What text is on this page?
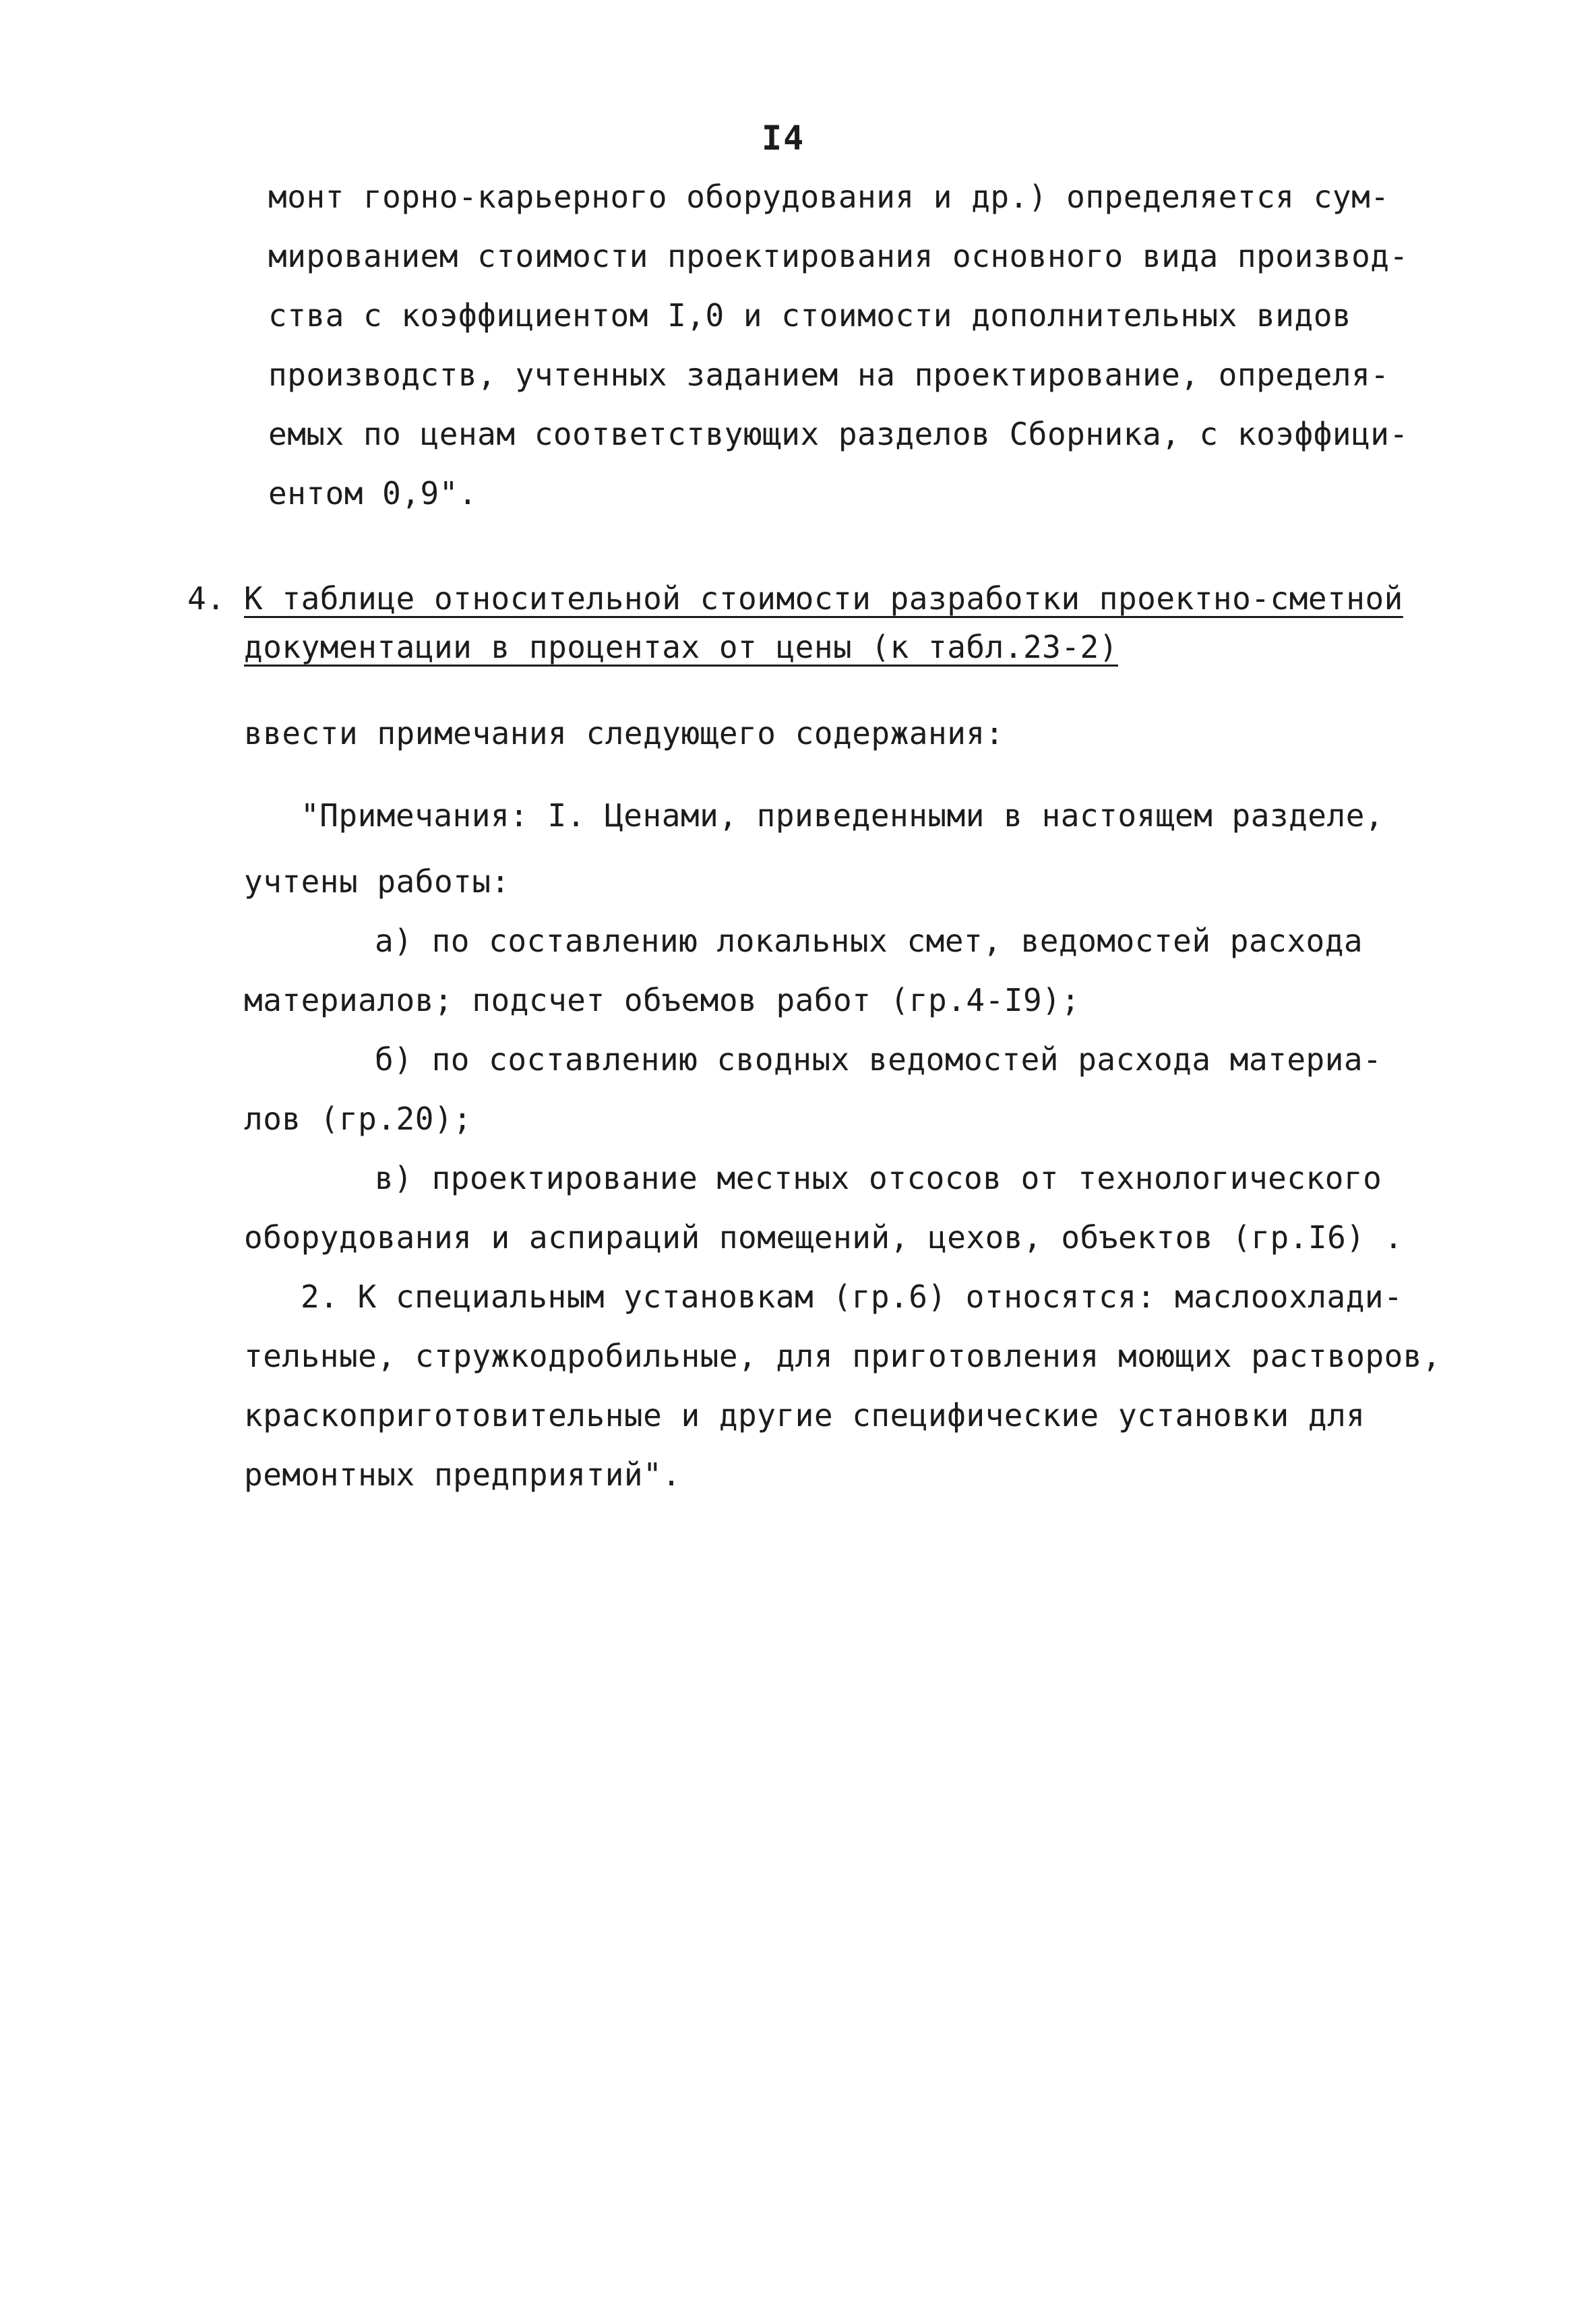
I4
монт горно-карьерного оборудования и др.) определяется сум-
мированием стоимости проектирования основного вида производ-
ства с коэффициентом I,0 и стоимости дополнительных видов
производств, учтенных заданием на проектирование, определя-
емых по ценам соответствующих разделов Сборника, с коэффици-
ентом 0,9".
4. К таблице относительной стоимости разработки проектно-сметной
документации в процентах от цены (к табл.23-2)
ввести примечания следующего содержания:
"Примечания: I. Ценами, приведенными в настоящем разделе,
учтены работы:
а) по составлению локальных смет, ведомостей расхода
материалов; подсчет объемов работ (гр.4-I9);
б) по составлению сводных ведомостей расхода материа-
лов (гр.20);
в) проектирование местных отсосов от технологического
оборудования и аспираций помещений, цехов, объектов (гр.I6) .
2. К специальным установкам (гр.6) относятся: маслоохлади-
тельные, стружкодробильные, для приготовления моющих растворов,
краскоприготовительные и другие специфические установки для
ремонтных предприятий".
